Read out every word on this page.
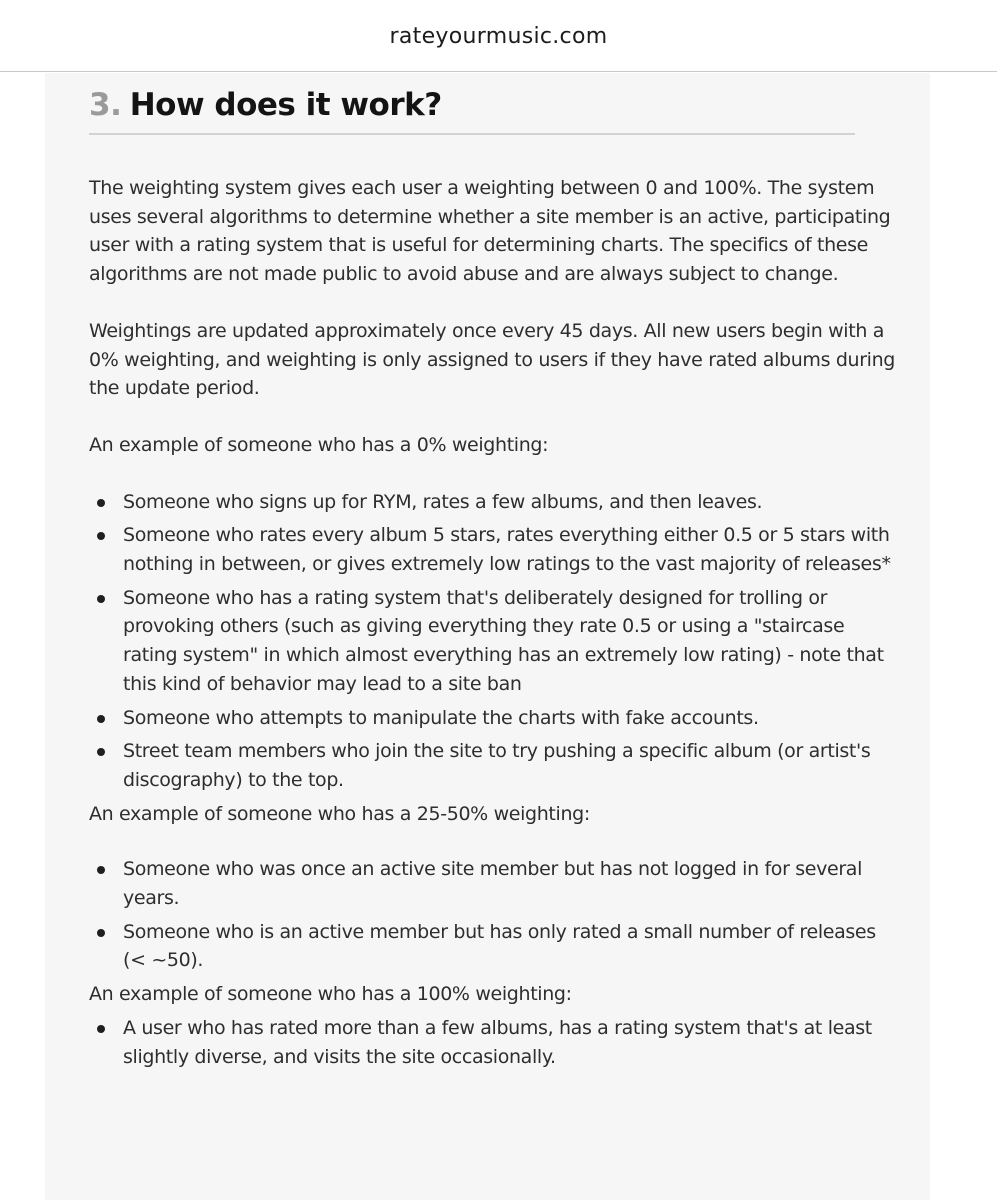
rateyourmusic.com
3. How does it work?

The weighting system gives each user a weighting between 0 and 100%. The system uses several algorithms to determine whether a site member is an active, participating user with a rating system that is useful for determining charts. The specifics of these algorithms are not made public to avoid abuse and are always subject to change.

Weightings are updated approximately once every 45 days. All new users begin with a 0% weighting, and weighting is only assigned to users if they have rated albums during the update period.

An example of someone who has a 0% weighting:

Someone who signs up for RYM, rates a few albums, and then leaves.
Someone who rates every album 5 stars, rates everything either 0.5 or 5 stars with nothing in between, or gives extremely low ratings to the vast majority of releases*
Someone who has a rating system that's deliberately designed for trolling or provoking others (such as giving everything they rate 0.5 or using a "staircase rating system" in which almost everything has an extremely low rating) - note that this kind of behavior may lead to a site ban
Someone who attempts to manipulate the charts with fake accounts.
Street team members who join the site to try pushing a specific album (or artist's discography) to the top.

An example of someone who has a 25-50% weighting:

Someone who was once an active site member but has not logged in for several years.
Someone who is an active member but has only rated a small number of releases (< ~50).

An example of someone who has a 100% weighting:

A user who has rated more than a few albums, has a rating system that's at least slightly diverse, and visits the site occasionally.
